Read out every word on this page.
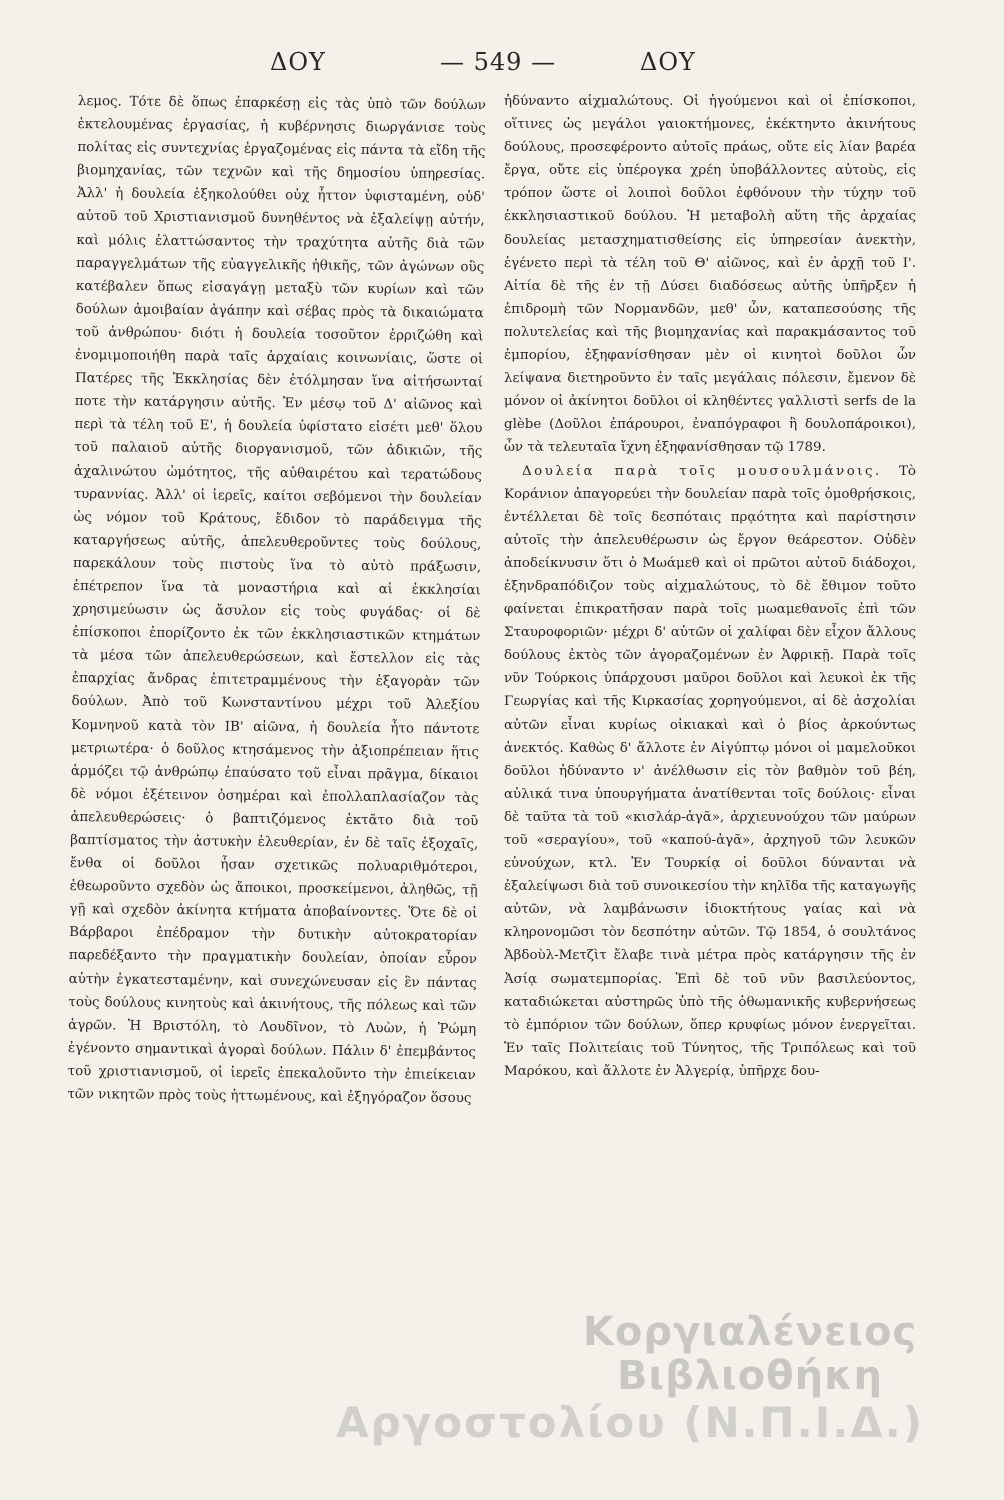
ΔΟΥ	— 549 —	ΔΟΥ

λεμος. Τότε δὲ ὅπως ἐπαρκέσῃ εἰς τὰς ὑπὸ τῶν δούλων ἐκτελουμένας ἐργασίας, ἡ κυβέρνησις διωργάνισε τοὺς πολίτας εἰς συντεχνίας ἐργαζομένας εἰς πάντα τὰ εἴδη τῆς βιομηχανίας, τῶν τεχνῶν καὶ τῆς δημοσίου ὑπηρεσίας. Ἀλλ' ἡ δουλεία ἐξηκολούθει οὐχ ἧττον ὑφισταμένη, οὐδ' αὐτοῦ τοῦ Χριστιανισμοῦ δυνηθέντος νὰ ἐξαλείψῃ αὐτήν, καὶ μόλις ἐλαττώσαντος τὴν τραχύτητα αὐτῆς διὰ τῶν παραγγελμάτων τῆς εὐαγγελικῆς ἠθικῆς, τῶν ἀγώνων οὓς κατέβαλεν ὅπως εἰσαγάγῃ μεταξὺ τῶν κυρίων καὶ τῶν δούλων ἀμοιβαίαν ἀγάπην καὶ σέβας πρὸς τὰ δικαιώματα τοῦ ἀνθρώπου· διότι ἡ δουλεία τοσοῦτον ἐρριζώθη καὶ ἐνομιμοποιήθη παρὰ ταῖς ἀρχαίαις κοινωνίαις, ὥστε οἱ Πατέρες τῆς Ἐκκλησίας δὲν ἐτόλμησαν ἵνα αἰτήσωνταί ποτε τὴν κατάργησιν αὐτῆς. Ἐν μέσῳ τοῦ Δ' αἰῶνος καὶ περὶ τὰ τέλη τοῦ Ε', ἡ δουλεία ὑφίστατο εἰσέτι μεθ' ὅλου τοῦ παλαιοῦ αὐτῆς διοργανισμοῦ, τῶν ἀδικιῶν, τῆς ἀχαλινώτου ὠμότητος, τῆς αὐθαιρέτου καὶ τερατώδους τυραννίας. Ἀλλ' οἱ ἱερεῖς, καίτοι σεβόμενοι τὴν δουλείαν ὡς νόμον τοῦ Κράτους, ἔδιδον τὸ παράδειγμα τῆς καταργήσεως αὐτῆς, ἀπελευθεροῦντες τοὺς δούλους, παρεκάλουν τοὺς πιστοὺς ἵνα τὸ αὐτὸ πράξωσιν, ἐπέτρεπον ἵνα τὰ μοναστήρια καὶ αἱ ἐκκλησίαι χρησιμεύωσιν ὡς ἄσυλον εἰς τοὺς φυγάδας· οἱ δὲ ἐπίσκοποι ἐπορίζοντο ἐκ τῶν ἐκκλησιαστικῶν κτημάτων τὰ μέσα τῶν ἀπελευθερώσεων, καὶ ἔστελλον εἰς τὰς ἐπαρχίας ἄνδρας ἐπιτετραμμένους τὴν ἐξαγορὰν τῶν δούλων. Ἀπὸ τοῦ Κωνσταντίνου μέχρι τοῦ Ἀλεξίου Κομνηνοῦ κατὰ τὸν ΙΒ' αἰῶνα, ἡ δουλεία ἦτο πάντοτε μετριωτέρα· ὁ δοῦλος κτησάμενος τὴν ἀξιοπρέπειαν ἥτις ἁρμόζει τῷ ἀνθρώπῳ ἐπαύσατο τοῦ εἶναι πρᾶγμα, δίκαιοι δὲ νόμοι ἐξέτεινον ὁσημέραι καὶ ἐπολλαπλασίαζον τὰς ἀπελευθερώσεις· ὁ βαπτιζόμενος ἐκτᾶτο διὰ τοῦ βαπτίσματος τὴν ἀστυκὴν ἐλευθερίαν, ἐν δὲ ταῖς ἐξοχαῖς, ἔνθα οἱ δοῦλοι ἦσαν σχετικῶς πολυαριθμότεροι, ἐθεωροῦντο σχεδὸν ὡς ἄποικοι, προσκείμενοι, ἀληθῶς, τῇ γῇ καὶ σχεδὸν ἀκίνητα κτήματα ἀποβαίνοντες. Ὅτε δὲ οἱ Βάρβαροι ἐπέδραμον τὴν δυτικὴν αὐτοκρατορίαν παρεδέξαντο τὴν πραγματικὴν δουλείαν, ὁποίαν εὗρον αὐτὴν ἐγκατεσταμένην, καὶ συνεχώνευσαν εἰς ἓν πάντας τοὺς δούλους κινητοὺς καὶ ἀκινήτους, τῆς πόλεως καὶ τῶν ἀγρῶν. Ἡ Βριστόλη, τὸ Λουδῖνον, τὸ Λυὼν, ἡ Ῥώμη ἐγένοντο σημαντικαὶ ἀγοραὶ δούλων. Πάλιν δ' ἐπεμβάντος τοῦ χριστιανισμοῦ, οἱ ἱερεῖς ἐπεκαλοῦντο τὴν ἐπιείκειαν τῶν νικητῶν πρὸς τοὺς ἡττωμένους, καὶ ἐξηγόραζον ὅσους

ἠδύναντο αἰχμαλώτους. Οἱ ἡγούμενοι καὶ οἱ ἐπίσκοποι, οἵτινες ὡς μεγάλοι γαιοκτήμονες, ἐκέκτηντο ἀκινήτους δούλους, προσεφέροντο αὐτοῖς πράως, οὔτε εἰς λίαν βαρέα ἔργα, οὔτε εἰς ὑπέρογκα χρέη ὑποβάλλοντες αὐτοὺς, εἰς τρόπον ὥστε οἱ λοιποὶ δοῦλοι ἐφθόνουν τὴν τύχην τοῦ ἐκκλησιαστικοῦ δούλου. Ἡ μεταβολὴ αὕτη τῆς ἀρχαίας δουλείας μετασχηματισθείσης εἰς ὑπηρεσίαν ἀνεκτὴν, ἐγένετο περὶ τὰ τέλη τοῦ Θ' αἰῶνος, καὶ ἐν ἀρχῇ τοῦ Ι'. Αἰτία δὲ τῆς ἐν τῇ Δύσει διαδόσεως αὐτῆς ὑπῆρξεν ἡ ἐπιδρομὴ τῶν Νορμανδῶν, μεθ' ὧν, καταπεσούσης τῆς πολυτελείας καὶ τῆς βιομηχανίας καὶ παρακμάσαντος τοῦ ἐμπορίου, ἐξηφανίσθησαν μὲν οἱ κινητοὶ δοῦλοι ὧν λείψανα διετηροῦντο ἐν ταῖς μεγάλαις πόλεσιν, ἔμενον δὲ μόνον οἱ ἀκίνητοι δοῦλοι οἱ κληθέντες γαλλιστὶ serfs de la glèbe (Δοῦλοι ἐπάρουροι, ἐναπόγραφοι ἢ δουλοπάροικοι), ὧν τὰ τελευταῖα ἴχνη ἐξηφανίσθησαν τῷ 1789.

Δουλεία παρὰ τοῖς μουσουλμάνοις. Τὸ Κοράνιον ἀπαγορεύει τὴν δουλείαν παρὰ τοῖς ὁμοθρήσκοις, ἐντέλλεται δὲ τοῖς δεσπόταις πρᾳότητα καὶ παρίστησιν αὐτοῖς τὴν ἀπελευθέρωσιν ὡς ἔργον θεάρεστον. Οὐδὲν ἀποδείκνυσιν ὅτι ὁ Μωάμεθ καὶ οἱ πρῶτοι αὐτοῦ διάδοχοι, ἐξηνδραπόδιζον τοὺς αἰχμαλώτους, τὸ δὲ ἔθιμον τοῦτο φαίνεται ἐπικρατῆσαν παρὰ τοῖς μωαμεθανοῖς ἐπὶ τῶν Σταυροφοριῶν· μέχρι δ' αὐτῶν οἱ χαλίφαι δὲν εἶχον ἄλλους δούλους ἐκτὸς τῶν ἀγοραζομένων ἐν Ἀφρικῇ. Παρὰ τοῖς νῦν Τούρκοις ὑπάρχουσι μαῦροι δοῦλοι καὶ λευκοὶ ἐκ τῆς Γεωργίας καὶ τῆς Κιρκασίας χορηγούμενοι, αἱ δὲ ἀσχολίαι αὐτῶν εἶναι κυρίως οἰκιακαὶ καὶ ὁ βίος ἀρκούντως ἀνεκτός. Καθὼς δ' ἄλλοτε ἐν Αἰγύπτῳ μόνοι οἱ μαμελοῦκοι δοῦλοι ἠδύναντο ν' ἀνέλθωσιν εἰς τὸν βαθμὸν τοῦ βέη, αὐλικά τινα ὑπουργήματα ἀνατίθενται τοῖς δούλοις· εἶναι δὲ ταῦτα τὰ τοῦ «κισλάρ-ἀγᾶ», ἀρχιευνούχου τῶν μαύρων τοῦ «σεραγίου», τοῦ «καπού-ἀγᾶ», ἀρχηγοῦ τῶν λευκῶν εὐνούχων, κτλ. Ἐν Τουρκίᾳ οἱ δοῦλοι δύνανται νὰ ἐξαλείψωσι διὰ τοῦ συνοικεσίου τὴν κηλῖδα τῆς καταγωγῆς αὐτῶν, νὰ λαμβάνωσιν ἰδιοκτήτους γαίας καὶ νὰ κληρονομῶσι τὸν δεσπότην αὐτῶν. Τῷ 1854, ὁ σουλτάνος Ἀβδοὺλ-Μετζὶτ ἔλαβε τινὰ μέτρα πρὸς κατάργησιν τῆς ἐν Ἀσίᾳ σωματεμπορίας. Ἐπὶ δὲ τοῦ νῦν βασιλεύοντος, καταδιώκεται αὐστηρῶς ὑπὸ τῆς ὀθωμανικῆς κυβερνήσεως τὸ ἐμπόριον τῶν δούλων, ὅπερ κρυφίως μόνον ἐνεργεῖται. Ἐν ταῖς Πολιτείαις τοῦ Τύνητος, τῆς Τριπόλεως καὶ τοῦ Μαρόκου, καὶ ἄλλοτε ἐν Ἀλγερίᾳ, ὑπῆρχε δου-

Κοργιαλένειος Βιβλιοθήκη
Αργοστολίου (Ν.Π.Ι.Δ.)
